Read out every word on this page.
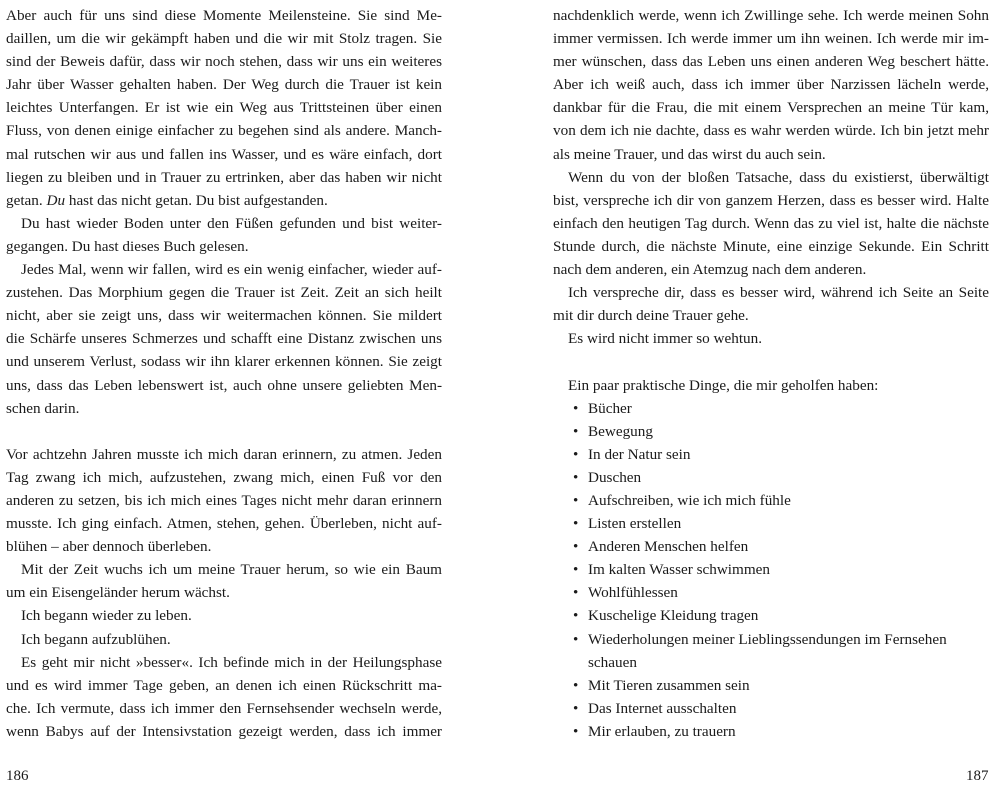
Aber auch für uns sind diese Momente Meilensteine. Sie sind Me-
daillen, um die wir gekämpft haben und die wir mit Stolz tragen. Sie
sind der Beweis dafür, dass wir noch stehen, dass wir uns ein weiteres
Jahr über Wasser gehalten haben. Der Weg durch die Trauer ist kein
leichtes Unterfangen. Er ist wie ein Weg aus Trittsteinen über einen
Fluss, von denen einige einfacher zu begehen sind als andere. Manch-
mal rutschen wir aus und fallen ins Wasser, und es wäre einfach, dort
liegen zu bleiben und in Trauer zu ertrinken, aber das haben wir nicht
getan. Du hast das nicht getan. Du bist aufgestanden.
Du hast wieder Boden unter den Füßen gefunden und bist weiter-
gegangen. Du hast dieses Buch gelesen.
Jedes Mal, wenn wir fallen, wird es ein wenig einfacher, wieder auf-
zustehen. Das Morphium gegen die Trauer ist Zeit. Zeit an sich heilt
nicht, aber sie zeigt uns, dass wir weitermachen können. Sie mildert
die Schärfe unseres Schmerzes und schafft eine Distanz zwischen uns
und unserem Verlust, sodass wir ihn klarer erkennen können. Sie zeigt
uns, dass das Leben lebenswert ist, auch ohne unsere geliebten Men-
schen darin.
Vor achtzehn Jahren musste ich mich daran erinnern, zu atmen. Jeden
Tag zwang ich mich, aufzustehen, zwang mich, einen Fuß vor den
anderen zu setzen, bis ich mich eines Tages nicht mehr daran erinnern
musste. Ich ging einfach. Atmen, stehen, gehen. Überleben, nicht auf-
blühen – aber dennoch überleben.
Mit der Zeit wuchs ich um meine Trauer herum, so wie ein Baum
um ein Eisengeländer herum wächst.
Ich begann wieder zu leben.
Ich begann aufzublühen.
Es geht mir nicht »besser«. Ich befinde mich in der Heilungsphase
und es wird immer Tage geben, an denen ich einen Rückschritt ma-
che. Ich vermute, dass ich immer den Fernsehsender wechseln werde,
wenn Babys auf der Intensivstation gezeigt werden, dass ich immer
nachdenklich werde, wenn ich Zwillinge sehe. Ich werde meinen Sohn
immer vermissen. Ich werde immer um ihn weinen. Ich werde mir im-
mer wünschen, dass das Leben uns einen anderen Weg beschert hätte.
Aber ich weiß auch, dass ich immer über Narzissen lächeln werde,
dankbar für die Frau, die mit einem Versprechen an meine Tür kam,
von dem ich nie dachte, dass es wahr werden würde. Ich bin jetzt mehr
als meine Trauer, und das wirst du auch sein.
Wenn du von der bloßen Tatsache, dass du existierst, überwältigt
bist, verspreche ich dir von ganzem Herzen, dass es besser wird. Halte
einfach den heutigen Tag durch. Wenn das zu viel ist, halte die nächste
Stunde durch, die nächste Minute, eine einzige Sekunde. Ein Schritt
nach dem anderen, ein Atemzug nach dem anderen.
Ich verspreche dir, dass es besser wird, während ich Seite an Seite
mit dir durch deine Trauer gehe.
Es wird nicht immer so wehtun.
Ein paar praktische Dinge, die mir geholfen haben:
• Bücher
• Bewegung
• In der Natur sein
• Duschen
• Aufschreiben, wie ich mich fühle
• Listen erstellen
• Anderen Menschen helfen
• Im kalten Wasser schwimmen
• Wohlfühlessen
• Kuschelige Kleidung tragen
• Wiederholungen meiner Lieblingssendungen im Fernsehen
schauen
• Mit Tieren zusammen sein
• Das Internet ausschalten
• Mir erlauben, zu trauern
186	187
